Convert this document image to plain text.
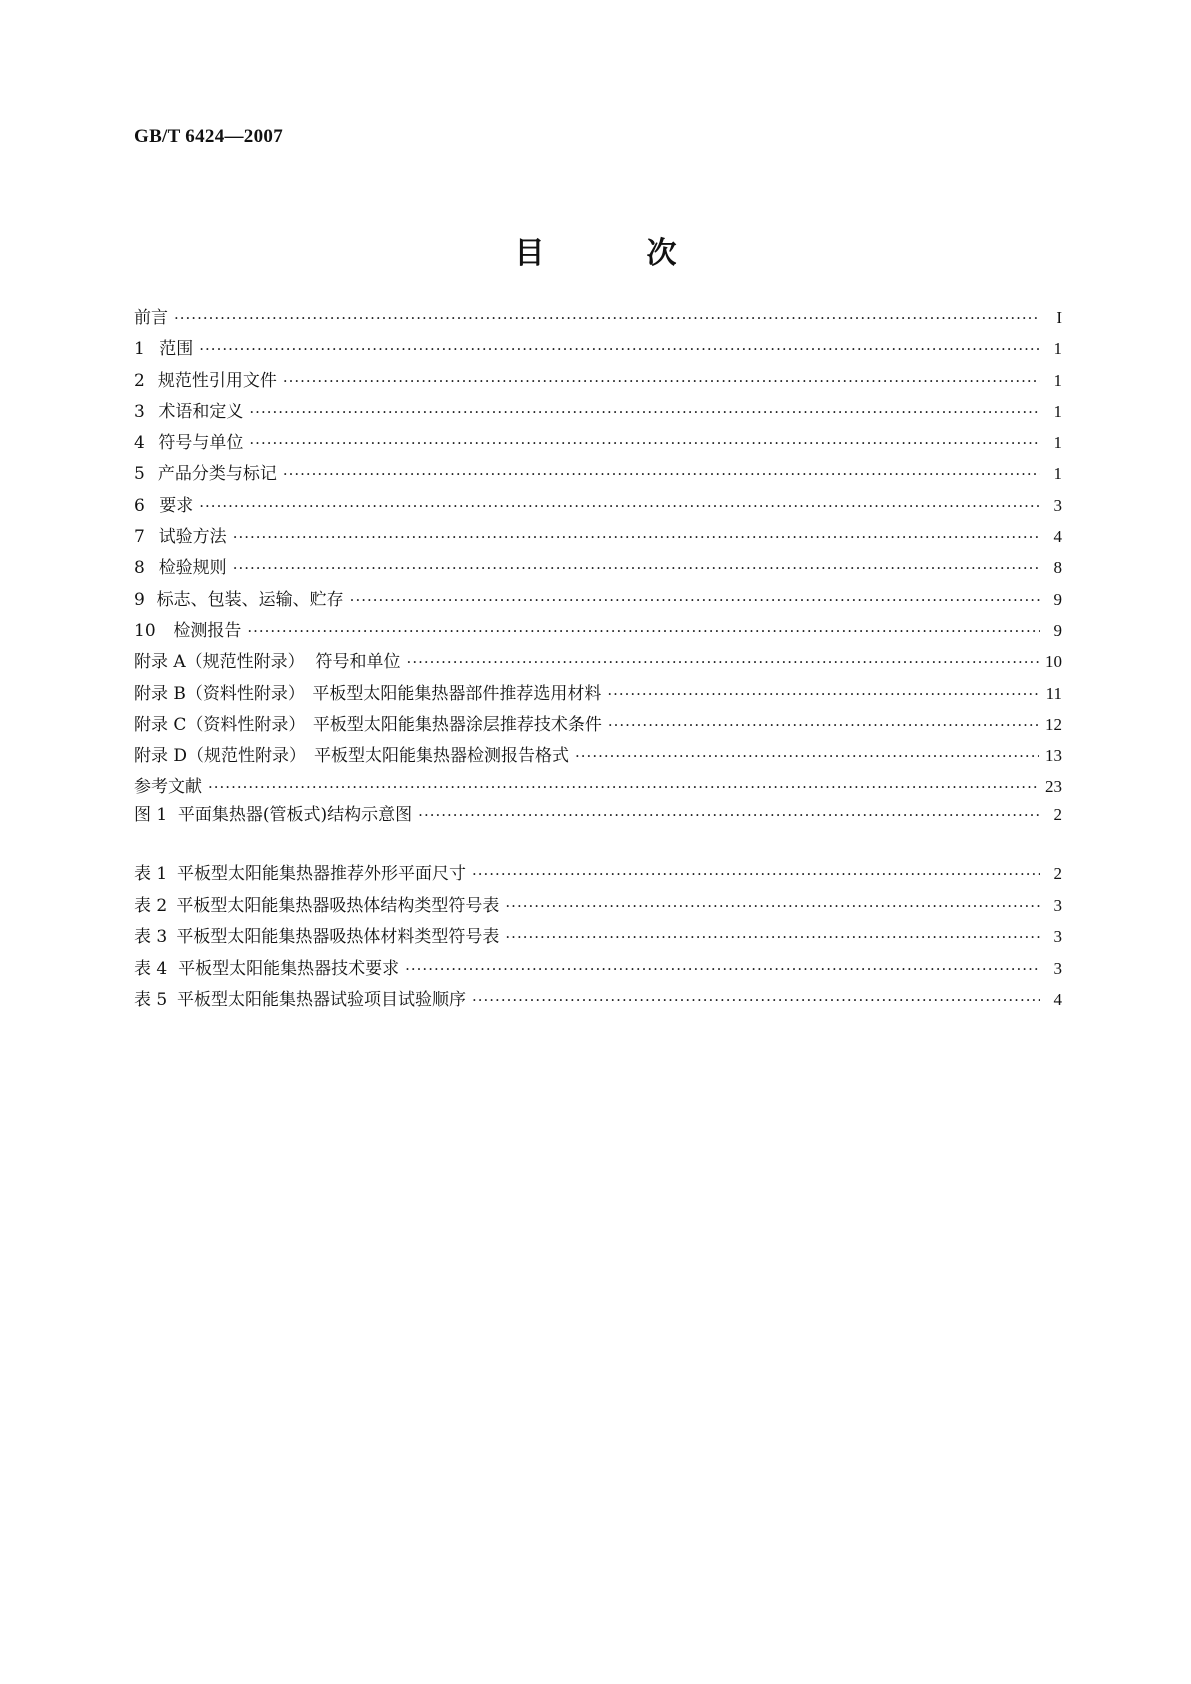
GB/T 6424—2007
目　次
前言 ·····	I
1 范围 ·····	1
2 规范性引用文件 ·····	1
3 术语和定义 ·····	1
4 符号与单位 ·····	1
5 产品分类与标记 ·····	1
6 要求 ·····	3
7 试验方法 ·····	4
8 检验规则 ·····	8
9 标志、包装、运输、贮存 ·····	9
10 检测报告 ·····	9
附录 A（规范性附录） 符号和单位 ·····	10
附录 B（资料性附录） 平板型太阳能集热器部件推荐选用材料 ·····	11
附录 C（资料性附录） 平板型太阳能集热器涂层推荐技术条件 ·····	12
附录 D（规范性附录） 平板型太阳能集热器检测报告格式 ·····	13
参考文献 ·····	23
图 1 平面集热器(管板式)结构示意图 ·····	2
表 1 平板型太阳能集热器推荐外形平面尺寸 ·····	2
表 2 平板型太阳能集热器吸热体结构类型符号表 ·····	3
表 3 平板型太阳能集热器吸热体材料类型符号表 ·····	3
表 4 平板型太阳能集热器技术要求 ·····	3
表 5 平板型太阳能集热器试验项目试验顺序 ·····	4
